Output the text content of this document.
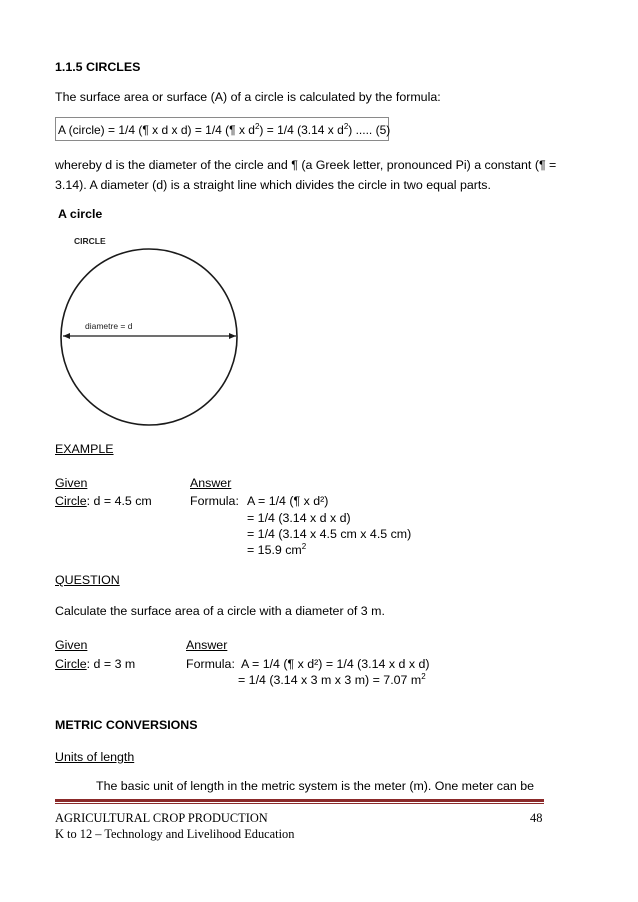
1.1.5 CIRCLES
The surface area or surface (A) of a circle is calculated by the formula:
A (circle) = 1/4 (¶ x d x d) = 1/4 (¶ x $d^2) = 1/4$ (3.14 x $d^2$) ..... (5)
whereby d is the diameter of the circle and ¶ (a Greek letter, pronounced Pi) a constant (¶ =
3.14). A diameter (d) is a straight line which divides the circle in two equal parts.
A circle
CIRCLE
diametre = d
EXAMPLE
Given	Answer
Circle: d = 4.5 cm	Formula: A = 1/4 (¶ x d²)
= 1/4 (3.14 x d x d)
= 1/4 (3.14 x 4.5 cm x 4.5 cm)
= 15.9 $cm^2$
QUESTION
Calculate the surface area of a circle with a diameter of 3 m.
Given	Answer
Circle: d = 3 m	Formula: A = 1/4 (¶ x d²) = 1/4 (3.14 x d x d)
= 1/4 (3.14 x 3 m x 3 m) = 7.07 $m^2$
METRIC CONVERSIONS
Units of length
The basic unit of length in the metric system is the meter (m). One meter can be
AGRICULTURAL CROP PRODUCTION	48
K to 12 – Technology and Livelihood Education
